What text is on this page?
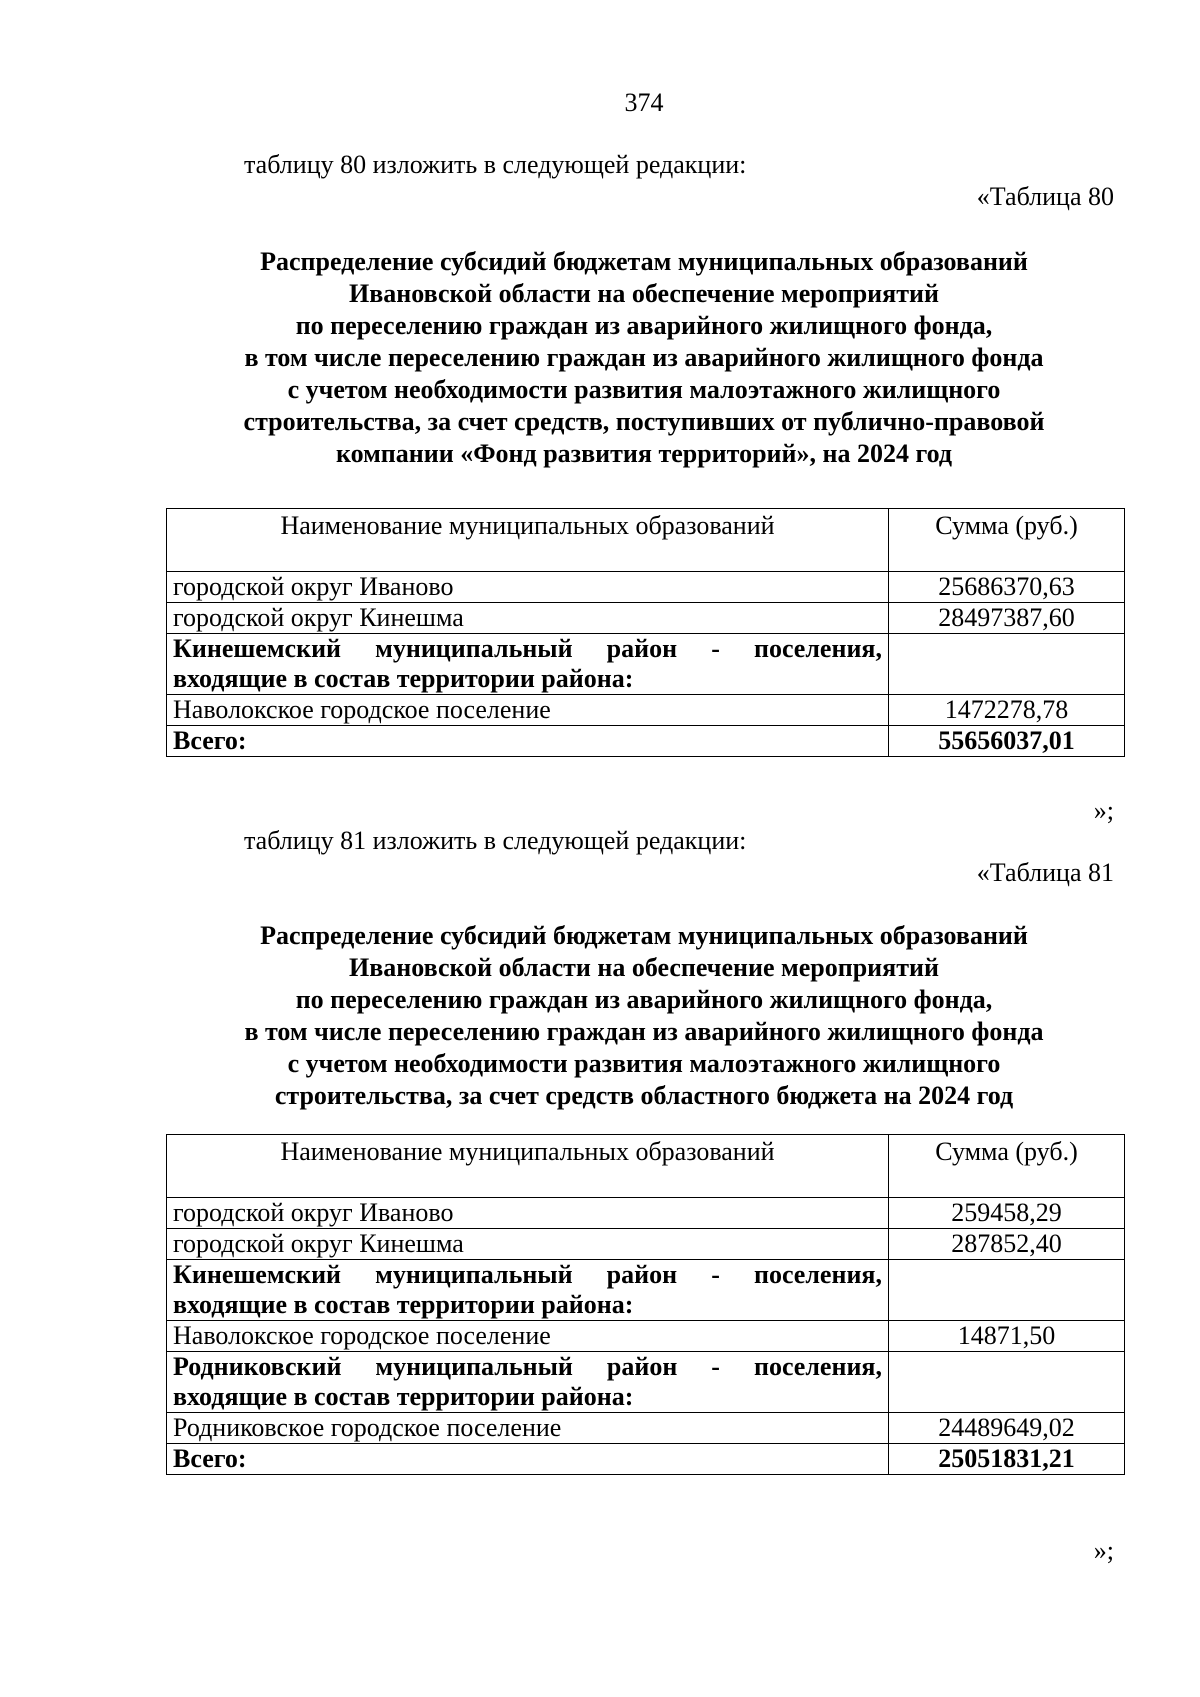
374
таблицу 80 изложить в следующей редакции:
«Таблица 80
Распределение субсидий бюджетам муниципальных образований
Ивановской области на обеспечение мероприятий
по переселению граждан из аварийного жилищного фонда,
в том числе переселению граждан из аварийного жилищного фонда
с учетом необходимости развития малоэтажного жилищного
строительства, за счет средств, поступивших от публично-правовой
компании «Фонд развития территорий», на 2024 год
Наименование муниципальных образований	Сумма (руб.)
городской округ Иваново	25686370,63
городской округ Кинешма	28497387,60

Кинешемский муниципальный район - поселения,
входящие в состав территории района:	

Наволокское городское поселение	1472278,78
Всего:	55656037,01
»;
таблицу 81 изложить в следующей редакции:
«Таблица 81
Распределение субсидий бюджетам муниципальных образований
Ивановской области на обеспечение мероприятий
по переселению граждан из аварийного жилищного фонда,
в том числе переселению граждан из аварийного жилищного фонда
с учетом необходимости развития малоэтажного жилищного
строительства, за счет средств областного бюджета на 2024 год
Наименование муниципальных образований	Сумма (руб.)
городской округ Иваново	259458,29
городской округ Кинешма	287852,40

Кинешемский муниципальный район - поселения,
входящие в состав территории района:	

Наволокское городское поселение	14871,50

Родниковский муниципальный район - поселения,
входящие в состав территории района:	

Родниковское городское поселение	24489649,02
Всего:	25051831,21
»;
